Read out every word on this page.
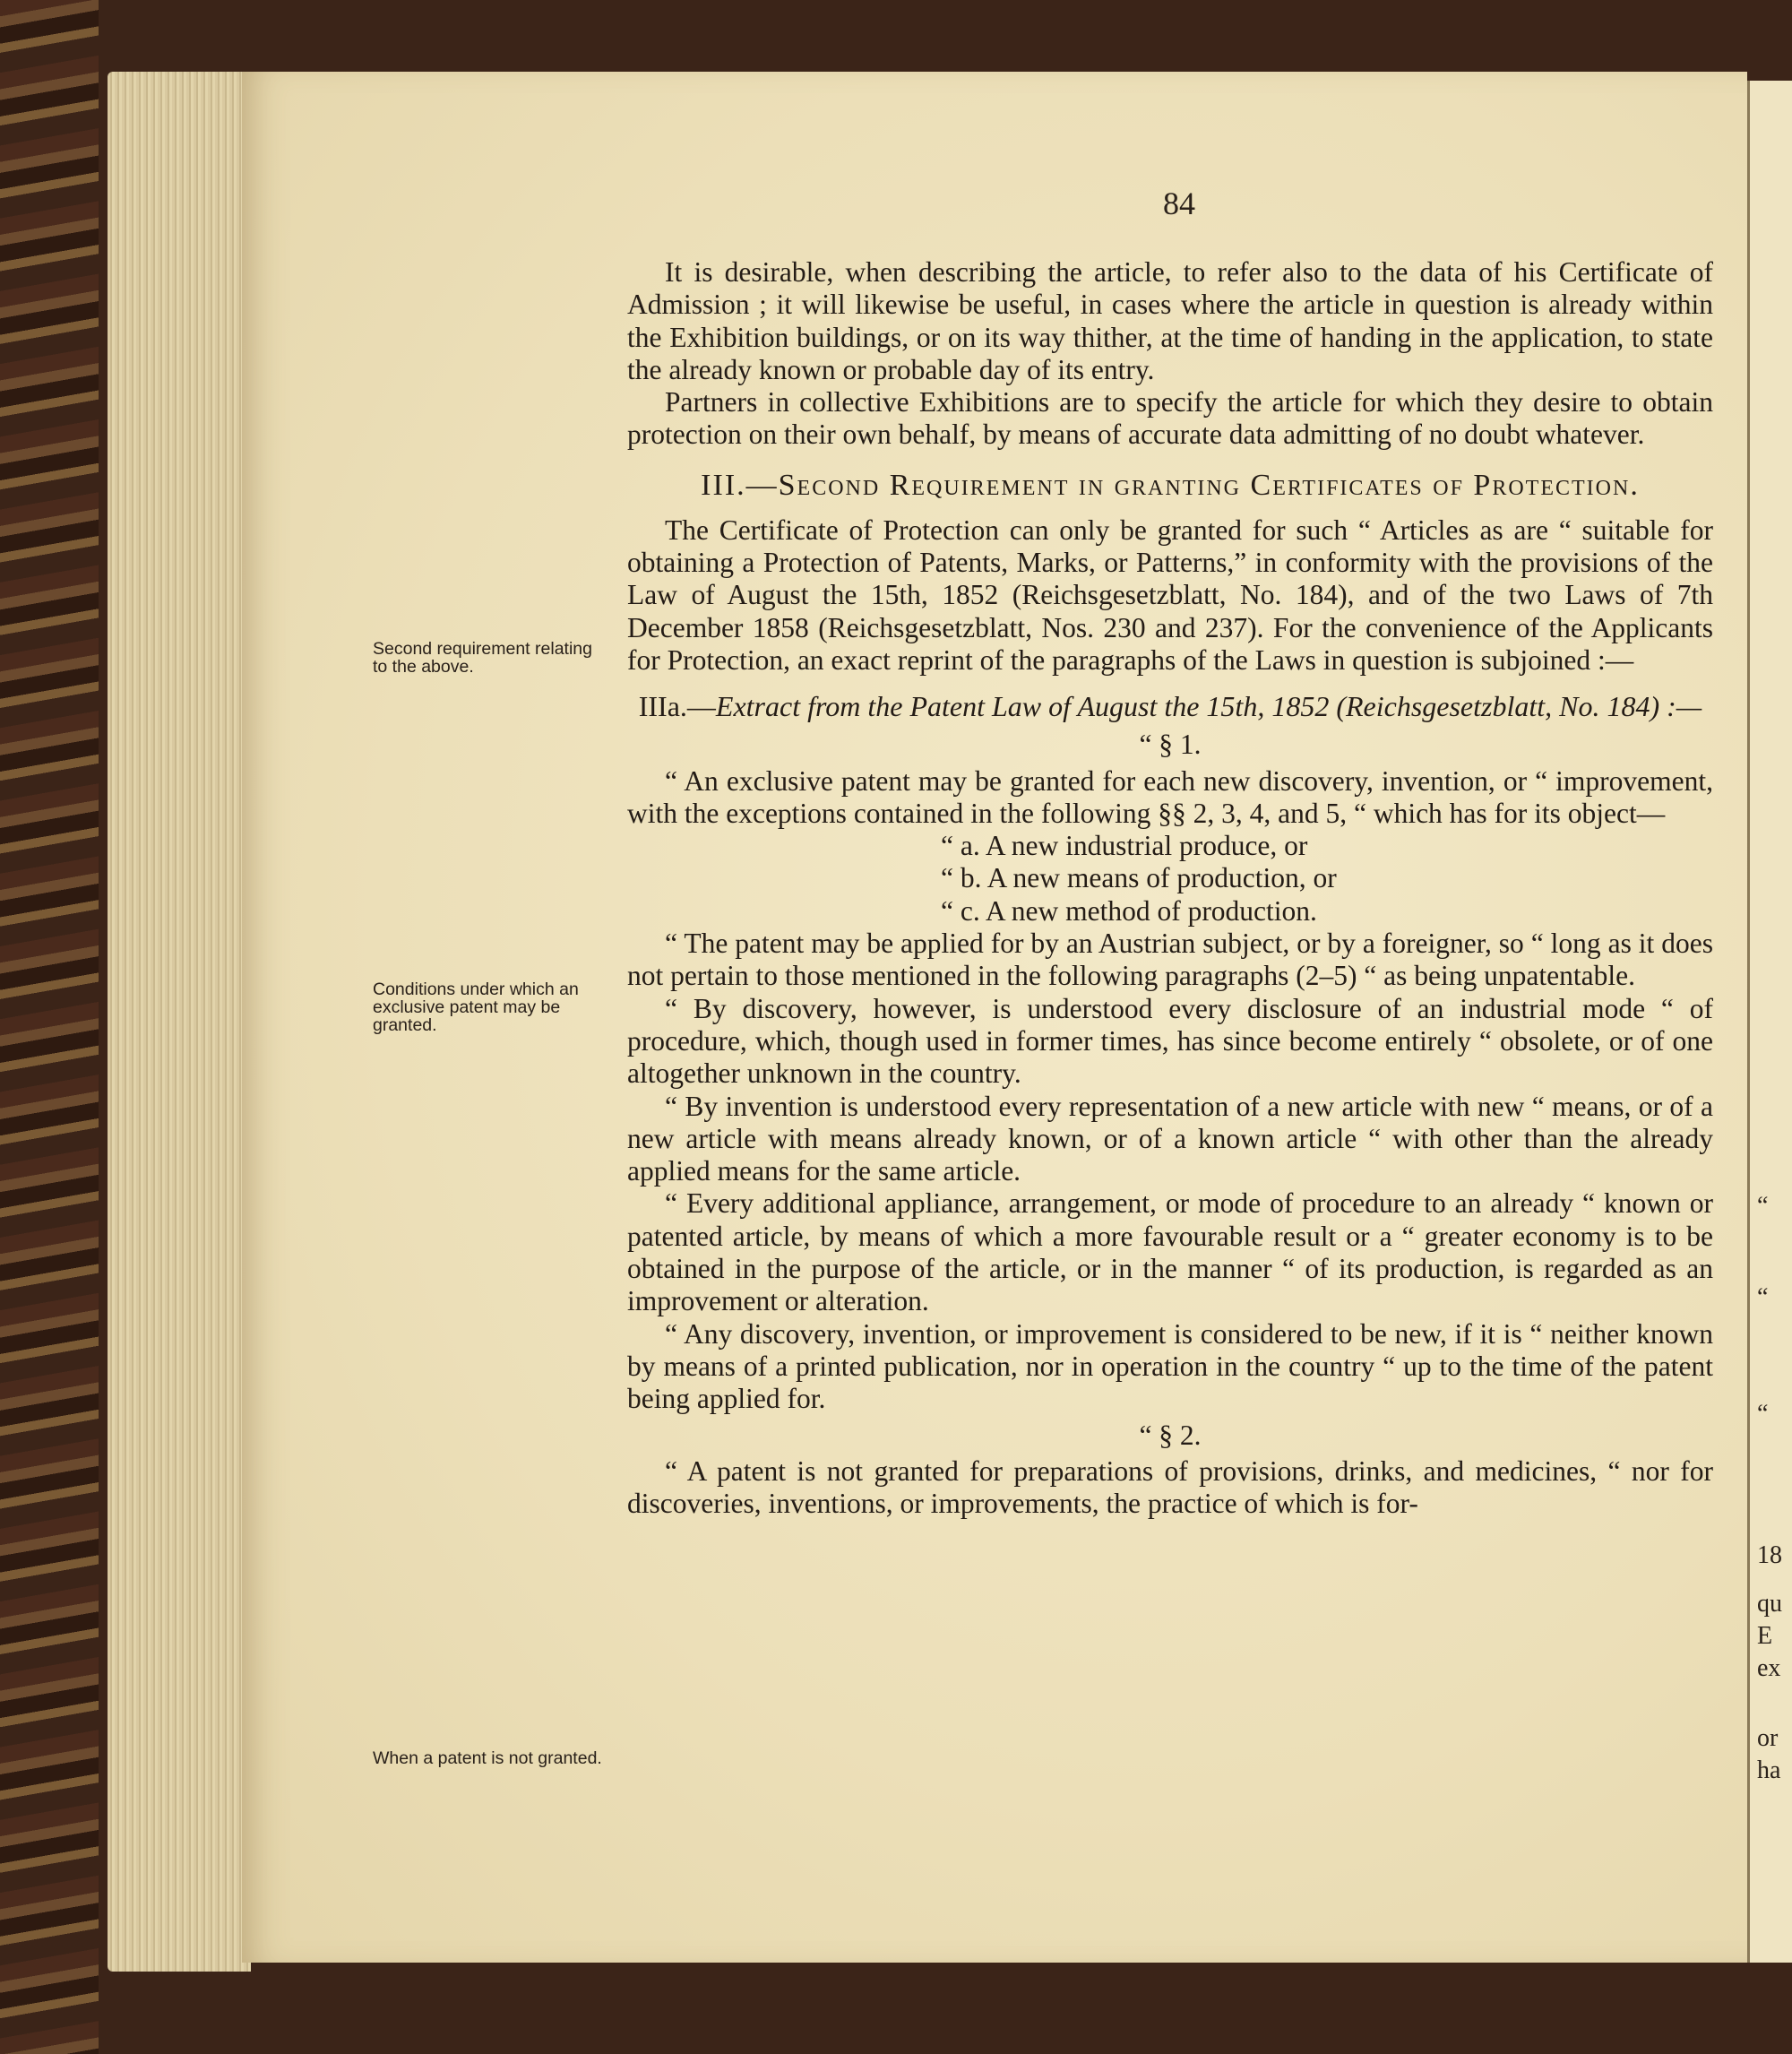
“
“
“
18
qu
E
ex
or
ha
84
Second requirement relating to the above.
Conditions under which an exclusive patent may be granted.
When a patent is not granted.

It is desirable, when describing the article, to refer also to the data of his Certificate of Admission ; it will likewise be useful, in cases where the article in question is already within the Exhibition buildings, or on its way thither, at the time of handing in the application, to state the already known or probable day of its entry.

Partners in collective Exhibitions are to specify the article for which they desire to obtain protection on their own behalf, by means of accurate data admitting of no doubt whatever.

III.—Second Requirement in granting Certificates of Protection.

The Certificate of Protection can only be granted for such “ Articles as are “ suitable for obtaining a Protection of Patents, Marks, or Patterns,” in conformity with the provisions of the Law of August the 15th, 1852 (Reichsgesetzblatt, No. 184), and of the two Laws of 7th December 1858 (Reichsgesetzblatt, Nos. 230 and 237). For the convenience of the Applicants for Protection, an exact reprint of the paragraphs of the Laws in question is subjoined :—

IIIa.—Extract from the Patent Law of August the 15th, 1852 (Reichsgesetzblatt, No. 184) :—

“ § 1.

“ An exclusive patent may be granted for each new discovery, invention, or “ improvement, with the exceptions contained in the following §§ 2, 3, 4, and 5, “ which has for its object—

“ a. A new industrial produce, or

“ b. A new means of production, or

“ c. A new method of production.

“ The patent may be applied for by an Austrian subject, or by a foreigner, so “ long as it does not pertain to those mentioned in the following paragraphs (2–5) “ as being unpatentable.

“ By discovery, however, is understood every disclosure of an industrial mode “ of procedure, which, though used in former times, has since become entirely “ obsolete, or of one altogether unknown in the country.

“ By invention is understood every representation of a new article with new “ means, or of a new article with means already known, or of a known article “ with other than the already applied means for the same article.

“ Every additional appliance, arrangement, or mode of procedure to an already “ known or patented article, by means of which a more favourable result or a “ greater economy is to be obtained in the purpose of the article, or in the manner “ of its production, is regarded as an improvement or alteration.

“ Any discovery, invention, or improvement is considered to be new, if it is “ neither known by means of a printed publication, nor in operation in the country “ up to the time of the patent being applied for.

“ § 2.

“ A patent is not granted for preparations of provisions, drinks, and medicines, “ nor for discoveries, inventions, or improvements, the practice of which is for-
